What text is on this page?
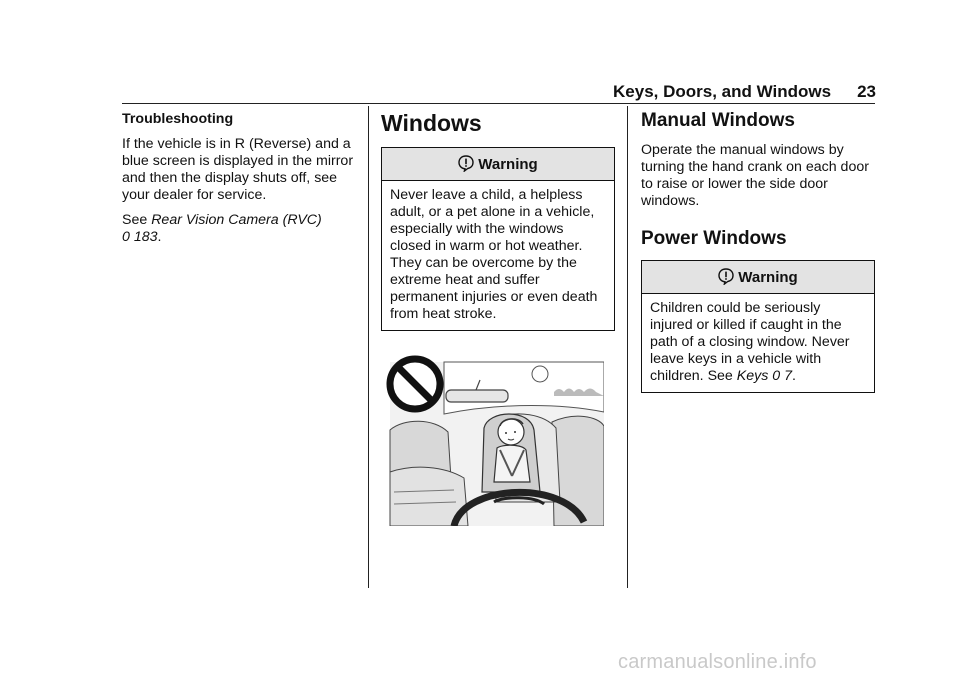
Keys, Doors, and Windows 23

Troubleshooting

If the vehicle is in R (Reverse) and a blue screen is displayed in the mirror and then the display shuts off, see your dealer for service.

See Rear Vision Camera (RVC)
0 183.

Windows
Warning
Never leave a child, a helpless adult, or a pet alone in a vehicle, especially with the windows closed in warm or hot weather. They can be overcome by the extreme heat and suffer permanent injuries or even death from heat stroke.
Manual Windows

Operate the manual windows by turning the hand crank on each door to raise or lower the side door windows.

Power Windows
Warning
Children could be seriously injured or killed if caught in the path of a closing window. Never leave keys in a vehicle with children. See Keys 0 7.
carmanualsonline.info
